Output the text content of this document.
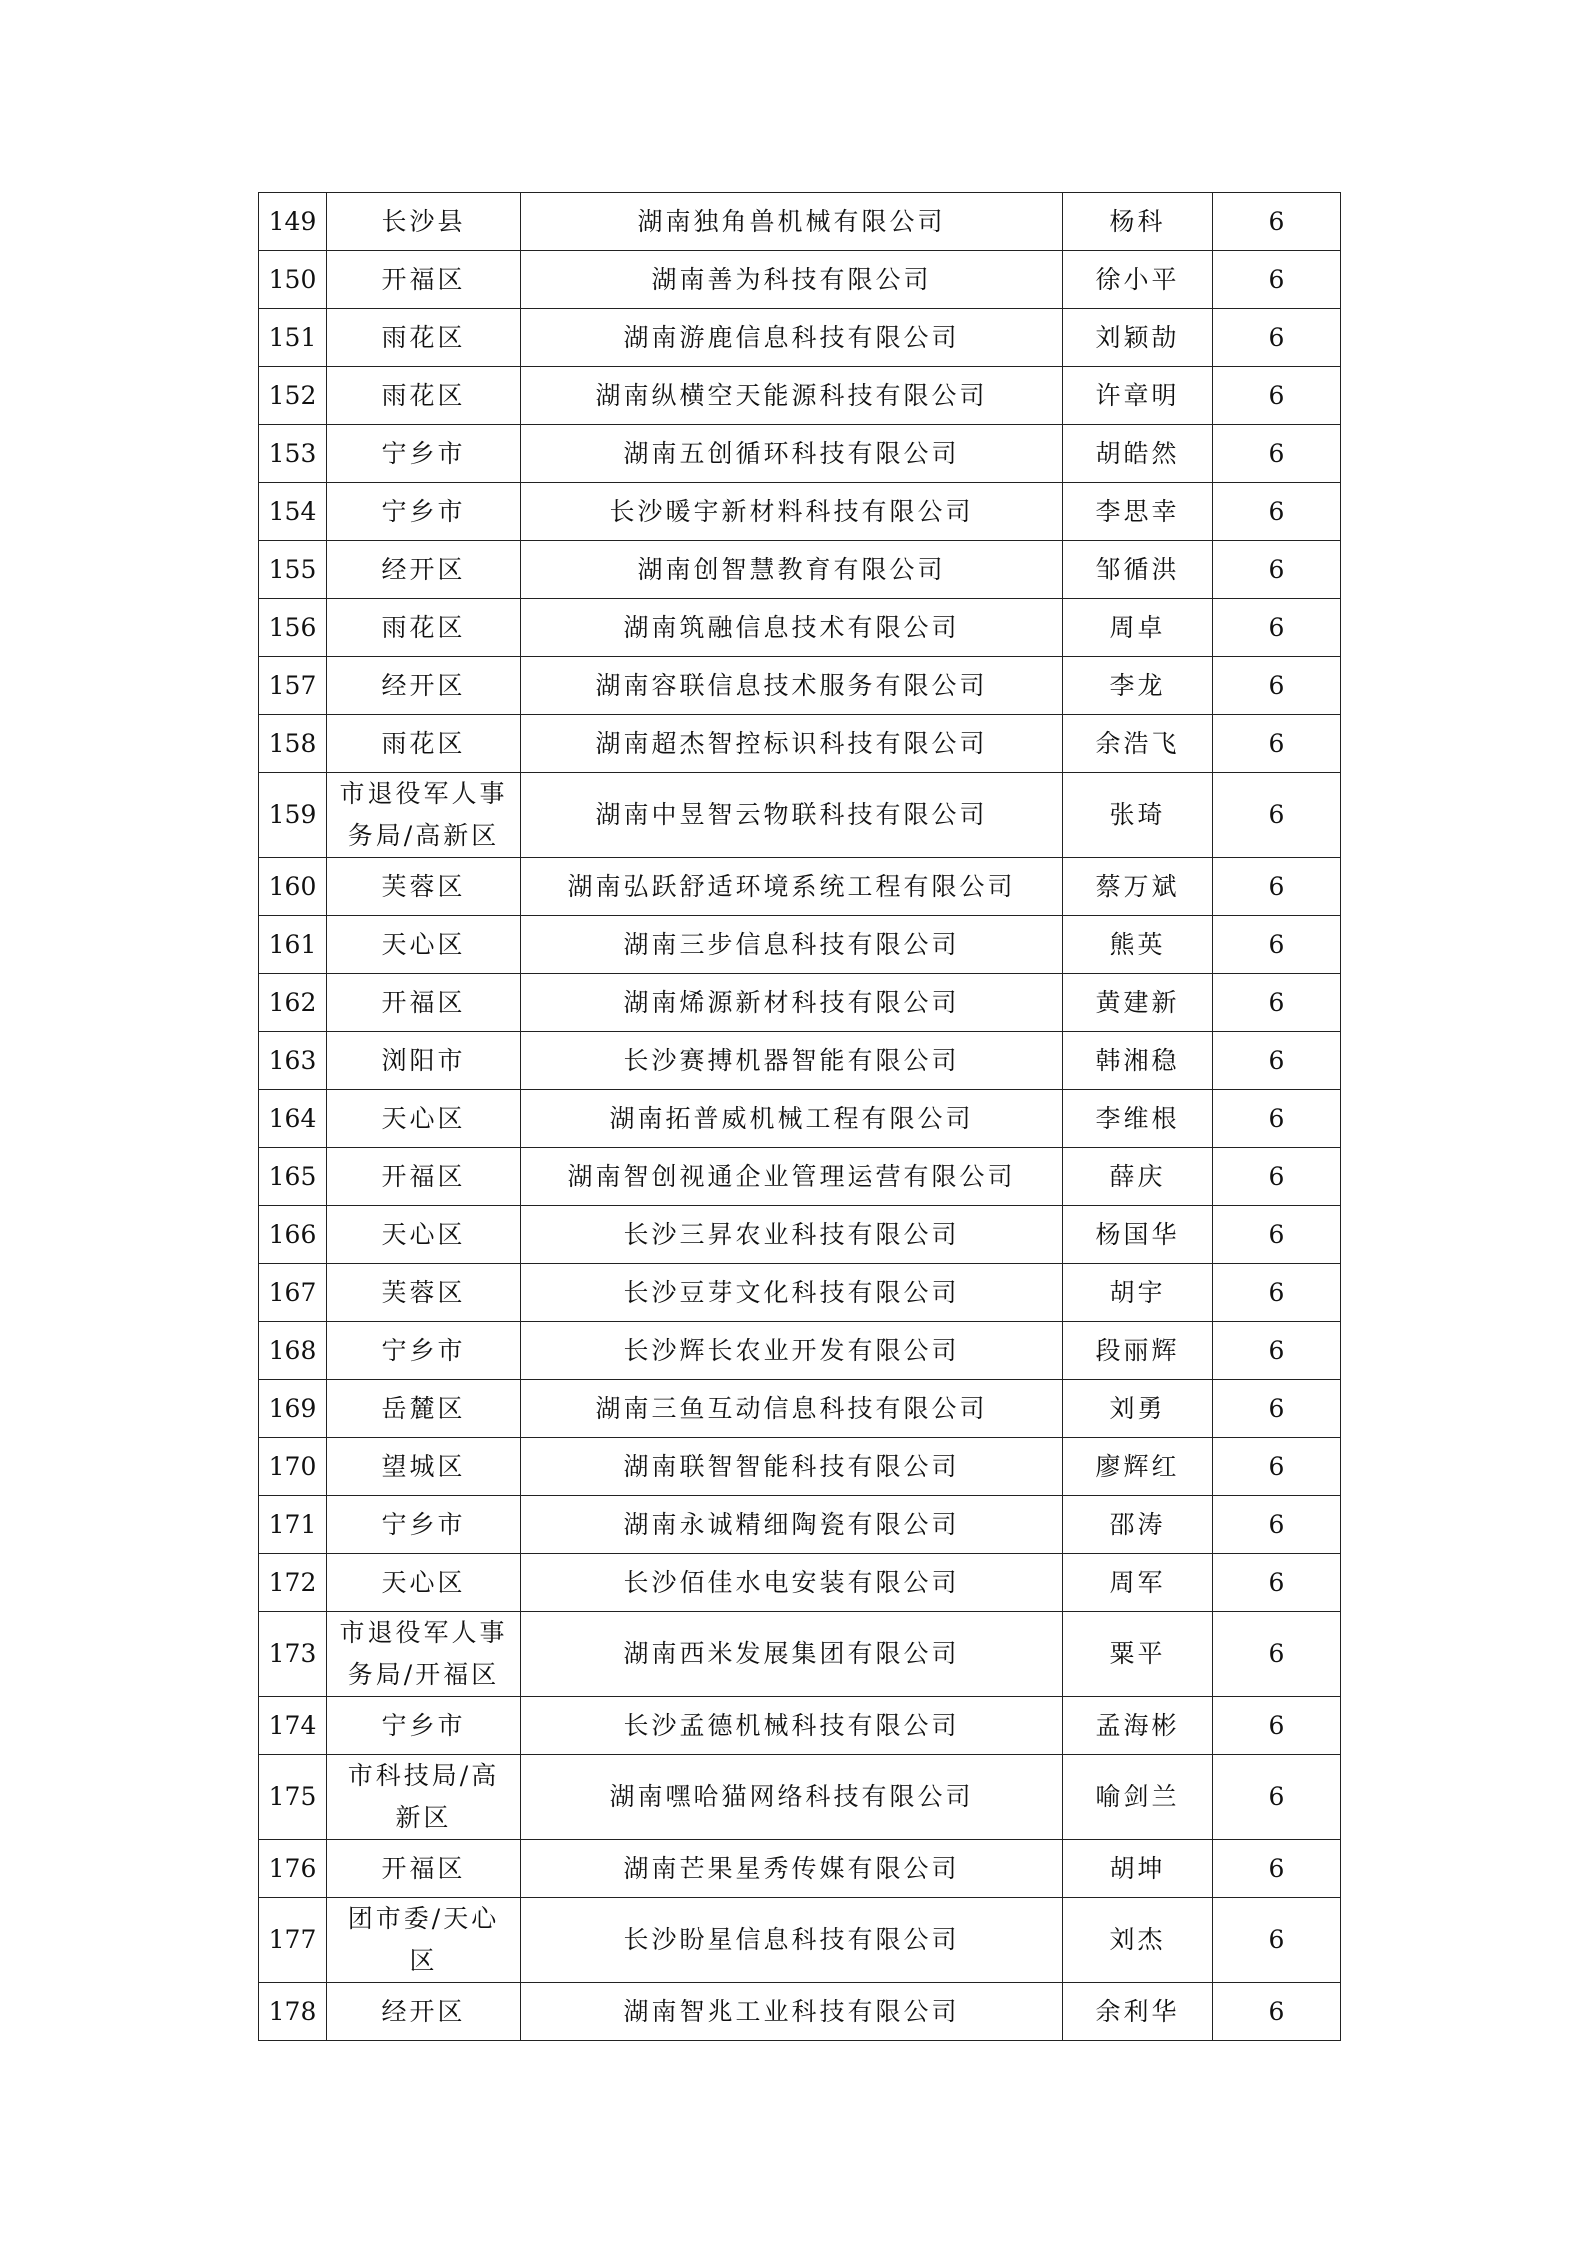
149	长沙县	湖南独角兽机械有限公司	杨科	6
150	开福区	湖南善为科技有限公司	徐小平	6
151	雨花区	湖南游鹿信息科技有限公司	刘颖劼	6
152	雨花区	湖南纵横空天能源科技有限公司	许章明	6
153	宁乡市	湖南五创循环科技有限公司	胡皓然	6
154	宁乡市	长沙暖宇新材料科技有限公司	李思幸	6
155	经开区	湖南创智慧教育有限公司	邹循洪	6
156	雨花区	湖南筑融信息技术有限公司	周卓	6
157	经开区	湖南容联信息技术服务有限公司	李龙	6
158	雨花区	湖南超杰智控标识科技有限公司	余浩飞	6
159	市退役军人事务局/高新区	湖南中昱智云物联科技有限公司	张琦	6
160	芙蓉区	湖南弘跃舒适环境系统工程有限公司	蔡万斌	6
161	天心区	湖南三步信息科技有限公司	熊英	6
162	开福区	湖南烯源新材科技有限公司	黄建新	6
163	浏阳市	长沙赛搏机器智能有限公司	韩湘稳	6
164	天心区	湖南拓普威机械工程有限公司	李维根	6
165	开福区	湖南智创视通企业管理运营有限公司	薛庆	6
166	天心区	长沙三昇农业科技有限公司	杨国华	6
167	芙蓉区	长沙豆芽文化科技有限公司	胡宇	6
168	宁乡市	长沙辉长农业开发有限公司	段丽辉	6
169	岳麓区	湖南三鱼互动信息科技有限公司	刘勇	6
170	望城区	湖南联智智能科技有限公司	廖辉红	6
171	宁乡市	湖南永诚精细陶瓷有限公司	邵涛	6
172	天心区	长沙佰佳水电安装有限公司	周军	6
173	市退役军人事务局/开福区	湖南西米发展集团有限公司	粟平	6
174	宁乡市	长沙孟德机械科技有限公司	孟海彬	6
175	市科技局/高新区	湖南嘿哈猫网络科技有限公司	喻剑兰	6
176	开福区	湖南芒果星秀传媒有限公司	胡坤	6
177	团市委/天心区	长沙盼星信息科技有限公司	刘杰	6
178	经开区	湖南智兆工业科技有限公司	余利华	6
